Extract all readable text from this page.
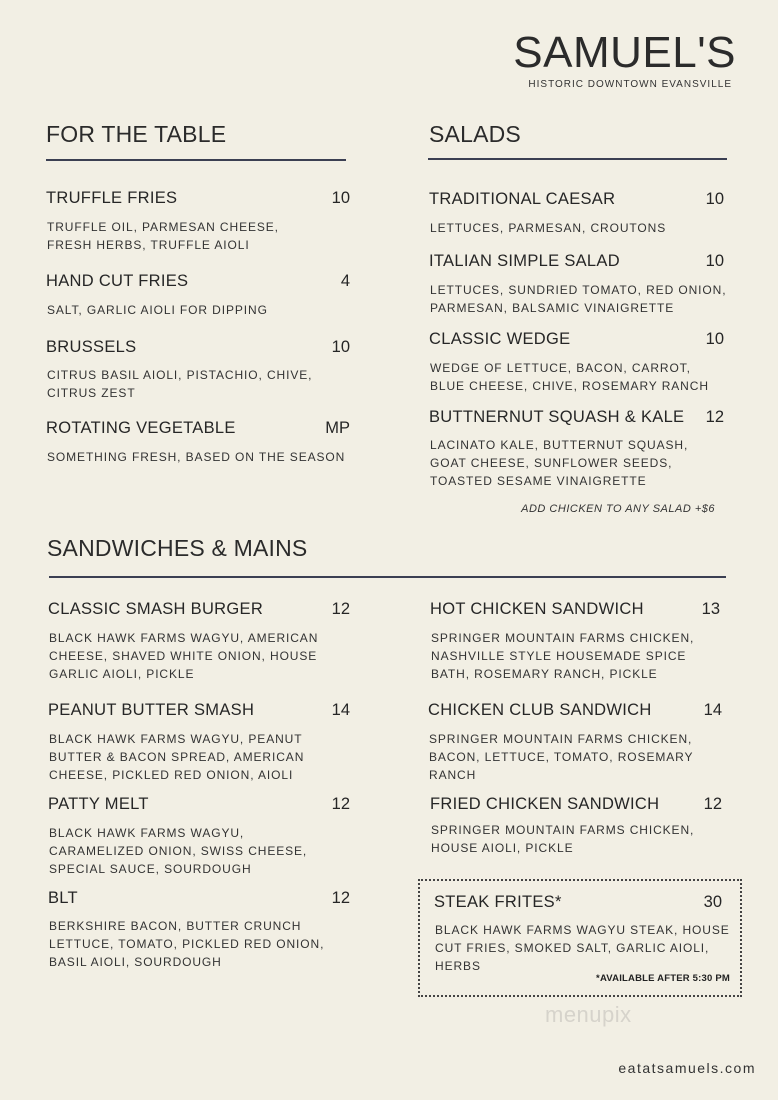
SAMUEL'S
HISTORIC DOWNTOWN EVANSVILLE
FOR THE TABLE	SALADS
ADD CHICKEN TO ANY SALAD +$6
SANDWICHES & MAINS
*AVAILABLE AFTER 5:30 PM
menupix
eatatsamuels.com
TRUFFLE FRIES	10
TRUFFLE OIL, PARMESAN CHEESE,
FRESH HERBS, TRUFFLE AIOLI
HAND CUT FRIES	4
SALT, GARLIC AIOLI FOR DIPPING
BRUSSELS	10
CITRUS BASIL AIOLI, PISTACHIO, CHIVE,
CITRUS ZEST
ROTATING VEGETABLE	MP
SOMETHING FRESH, BASED ON THE SEASON
TRADITIONAL CAESAR	10
LETTUCES, PARMESAN, CROUTONS
ITALIAN SIMPLE SALAD	10
LETTUCES, SUNDRIED TOMATO, RED ONION,
PARMESAN, BALSAMIC VINAIGRETTE
CLASSIC WEDGE	10
WEDGE OF LETTUCE, BACON, CARROT,
BLUE CHEESE, CHIVE, ROSEMARY RANCH
BUTTNERNUT SQUASH & KALE	12
LACINATO KALE, BUTTERNUT SQUASH,
GOAT CHEESE, SUNFLOWER SEEDS,
TOASTED SESAME VINAIGRETTE
CLASSIC SMASH BURGER	12
BLACK HAWK FARMS WAGYU, AMERICAN
CHEESE, SHAVED WHITE ONION, HOUSE
GARLIC AIOLI, PICKLE
PEANUT BUTTER SMASH	14
BLACK HAWK FARMS WAGYU, PEANUT
BUTTER & BACON SPREAD, AMERICAN
CHEESE, PICKLED RED ONION, AIOLI
PATTY MELT	12
BLACK HAWK FARMS WAGYU,
CARAMELIZED ONION, SWISS CHEESE,
SPECIAL SAUCE, SOURDOUGH
BLT	12
BERKSHIRE BACON, BUTTER CRUNCH
LETTUCE, TOMATO, PICKLED RED ONION,
BASIL AIOLI, SOURDOUGH
HOT CHICKEN SANDWICH	13
SPRINGER MOUNTAIN FARMS CHICKEN,
NASHVILLE STYLE HOUSEMADE SPICE
BATH, ROSEMARY RANCH, PICKLE
CHICKEN CLUB SANDWICH	14
SPRINGER MOUNTAIN FARMS CHICKEN,
BACON, LETTUCE, TOMATO, ROSEMARY
RANCH
FRIED CHICKEN SANDWICH	12
SPRINGER MOUNTAIN FARMS CHICKEN,
HOUSE AIOLI, PICKLE
STEAK FRITES*	30
BLACK HAWK FARMS WAGYU STEAK, HOUSE
CUT FRIES, SMOKED SALT, GARLIC AIOLI,
HERBS
